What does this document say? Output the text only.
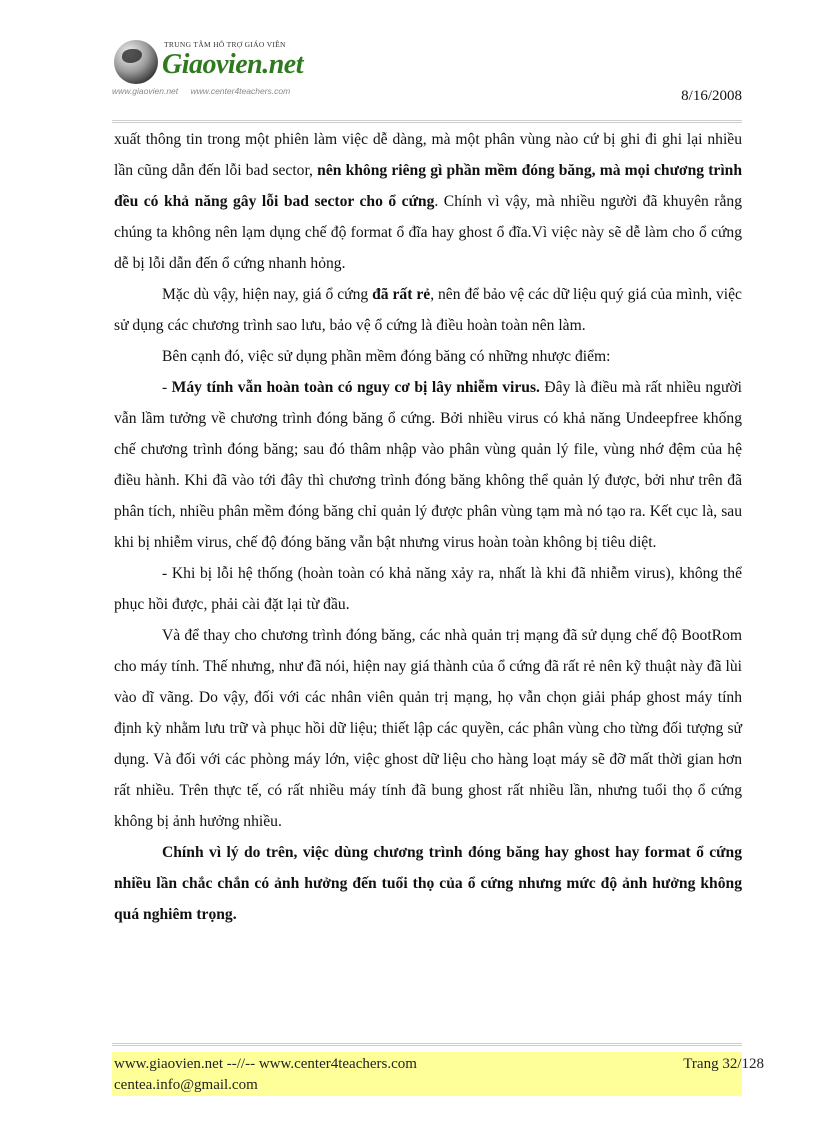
TRUNG TÂM HỖ TRỢ GIÁO VIÊN
Giaovien.net
www.giaovien.net www.center4teachers.com	8/16/2008

xuất thông tin trong một phiên làm việc dễ dàng, mà một phân vùng nào cứ bị ghi đi ghi lại nhiều lần cũng dẫn đến lỗi bad sector, nên không riêng gì phần mềm đóng băng, mà mọi chương trình đều có khả năng gây lỗi bad sector cho ổ cứng. Chính vì vậy, mà nhiều người đã khuyên rằng chúng ta không nên lạm dụng chế độ format ổ đĩa hay ghost ổ đĩa.Vì việc này sẽ dễ làm cho ổ cứng dễ bị lỗi dẫn đến ổ cứng nhanh hỏng.

Mặc dù vậy, hiện nay, giá ổ cứng đã rất rẻ, nên để bảo vệ các dữ liệu quý giá của mình, việc sử dụng các chương trình sao lưu, bảo vệ ổ cứng là điều hoàn toàn nên làm.

Bên cạnh đó, việc sử dụng phần mềm đóng băng có những nhược điểm:

- Máy tính vẫn hoàn toàn có nguy cơ bị lây nhiễm virus. Đây là điều mà rất nhiều người vẫn lầm tưởng về chương trình đóng băng ổ cứng. Bởi nhiều virus có khả năng Undeepfree khống chế chương trình đóng băng; sau đó thâm nhập vào phân vùng quản lý file, vùng nhớ đệm của hệ điều hành. Khi đã vào tới đây thì chương trình đóng băng không thể quản lý được, bởi như trên đã phân tích, nhiều phân mềm đóng băng chỉ quản lý được phân vùng tạm mà nó tạo ra. Kết cục là, sau khi bị nhiễm virus, chế độ đóng băng vẫn bật nhưng virus hoàn toàn không bị tiêu diệt.

- Khi bị lỗi hệ thống (hoàn toàn có khả năng xảy ra, nhất là khi đã nhiễm virus), không thể phục hồi được, phải cài đặt lại từ đầu.

Và để thay cho chương trình đóng băng, các nhà quản trị mạng đã sử dụng chế độ BootRom cho máy tính. Thế nhưng, như đã nói, hiện nay giá thành của ổ cứng đã rất rẻ nên kỹ thuật này đã lùi vào dĩ vãng. Do vậy, đối với các nhân viên quản trị mạng, họ vẫn chọn giải pháp ghost máy tính định kỳ nhằm lưu trữ và phục hồi dữ liệu; thiết lập các quyền, các phân vùng cho từng đối tượng sử dụng. Và đối với các phòng máy lớn, việc ghost dữ liệu cho hàng loạt máy sẽ đỡ mất thời gian hơn rất nhiều. Trên thực tế, có rất nhiều máy tính đã bung ghost rất nhiều lần, nhưng tuổi thọ ổ cứng không bị ảnh hưởng nhiều.

Chính vì lý do trên, việc dùng chương trình đóng băng hay ghost hay format ổ cứng nhiều lần chắc chắn có ảnh hưởng đến tuổi thọ của ổ cứng nhưng mức độ ảnh hưởng không quá nghiêm trọng.

www.giaovien.net --//-- www.center4teachers.com
centea.info@gmail.com
Trang 32/128
